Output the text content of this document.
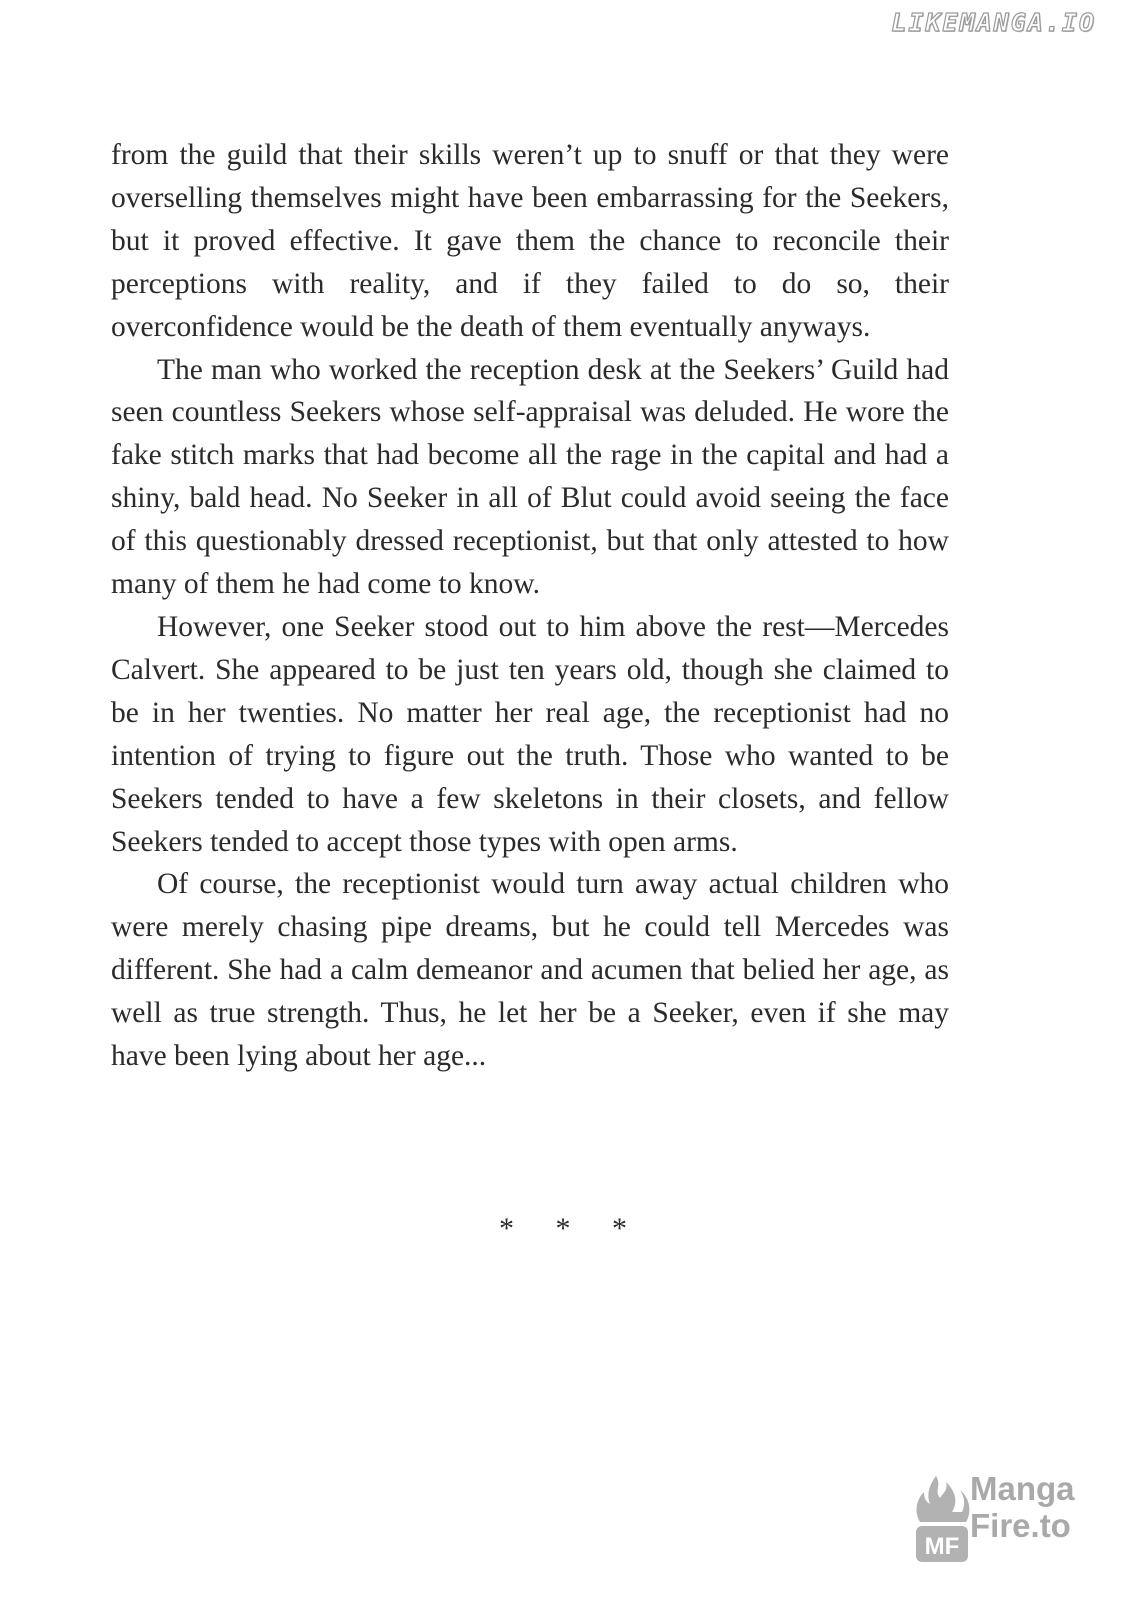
LIKEMANGA.IO

from the guild that their skills weren’t up to snuff or that they were overselling themselves might have been embarrassing for the Seekers, but it proved effective. It gave them the chance to reconcile their perceptions with reality, and if they failed to do so, their overconfidence would be the death of them eventually anyways.

The man who worked the reception desk at the Seekers’ Guild had seen countless Seekers whose self-appraisal was deluded. He wore the fake stitch marks that had become all the rage in the capital and had a shiny, bald head. No Seeker in all of Blut could avoid seeing the face of this questionably dressed receptionist, but that only attested to how many of them he had come to know.

However, one Seeker stood out to him above the rest—Mercedes Calvert. She appeared to be just ten years old, though she claimed to be in her twenties. No matter her real age, the receptionist had no intention of trying to figure out the truth. Those who wanted to be Seekers tended to have a few skeletons in their closets, and fellow Seekers tended to accept those types with open arms.

Of course, the receptionist would turn away actual children who were merely chasing pipe dreams, but he could tell Mercedes was different. She had a calm demeanor and acumen that belied her age, as well as true strength. Thus, he let her be a Seeker, even if she may have been lying about her age...

* * *
MF
Manga
Fire.to
